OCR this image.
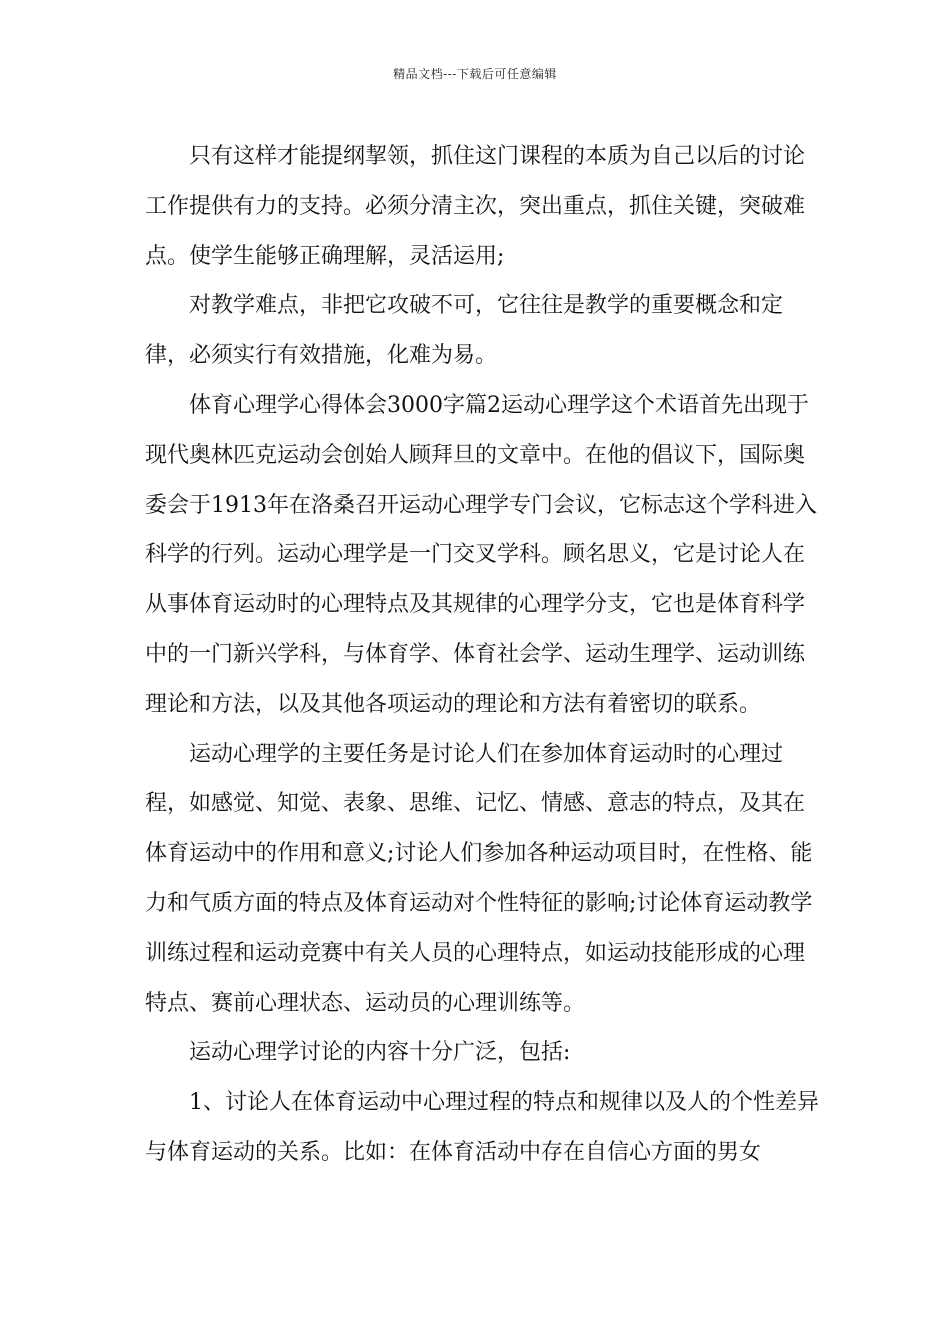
精品文档---下载后可任意编辑

只有这样才能提纲挈领，抓住这门课程的本质为自己以后的讨论工作提供有力的支持。必须分清主次，突出重点，抓住关键，突破难点。使学生能够正确理解，灵活运用;

对教学难点，非把它攻破不可，它往往是教学的重要概念和定律，必须实行有效措施，化难为易。

体育心理学心得体会3000字篇2运动心理学这个术语首先出现于现代奥林匹克运动会创始人顾拜旦的文章中。在他的倡议下，国际奥委会于1913年在洛桑召开运动心理学专门会议，它标志这个学科进入科学的行列。运动心理学是一门交叉学科。顾名思义，它是讨论人在从事体育运动时的心理特点及其规律的心理学分支，它也是体育科学中的一门新兴学科，与体育学、体育社会学、运动生理学、运动训练理论和方法，以及其他各项运动的理论和方法有着密切的联系。

运动心理学的主要任务是讨论人们在参加体育运动时的心理过程，如感觉、知觉、表象、思维、记忆、情感、意志的特点，及其在体育运动中的作用和意义;讨论人们参加各种运动项目时，在性格、能力和气质方面的特点及体育运动对个性特征的影响;讨论体育运动教学训练过程和运动竞赛中有关人员的心理特点，如运动技能形成的心理特点、赛前心理状态、运动员的心理训练等。

运动心理学讨论的内容十分广泛，包括:

1、讨论人在体育运动中心理过程的特点和规律以及人的个性差异与体育运动的关系。比如：在体育活动中存在自信心方面的男女
